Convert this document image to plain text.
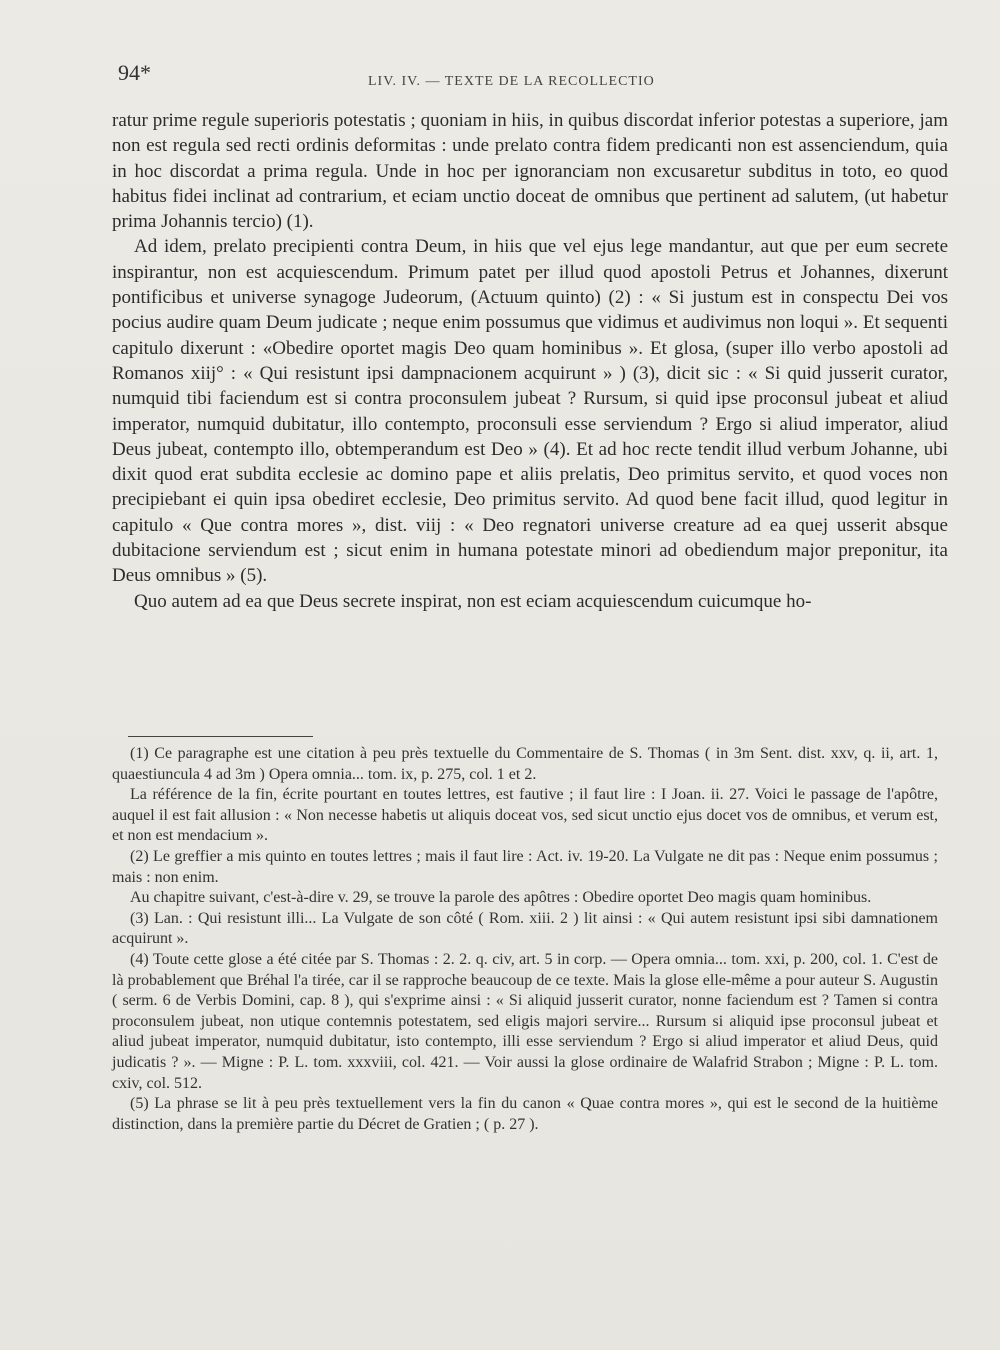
94*	LIV. IV. — TEXTE DE LA RECOLLECTIO

ratur prime regule superioris potestatis ; quoniam in hiis, in quibus discordat inferior potestas a superiore, jam non est regula sed recti ordinis deformitas : unde prelato contra fidem predicanti non est assenciendum, quia in hoc discordat a prima regula. Unde in hoc per ignoranciam non excusaretur subditus in toto, eo quod habitus fidei inclinat ad contrarium, et eciam unctio doceat de omnibus que pertinent ad salutem, (ut habetur prima Johannis tercio) (1).

Ad idem, prelato precipienti contra Deum, in hiis que vel ejus lege mandantur, aut que per eum secrete inspirantur, non est acquiescendum. Primum patet per illud quod apostoli Petrus et Johannes, dixerunt pontificibus et universe synagoge Judeorum, (Actuum quinto) (2) : « Si justum est in conspectu Dei vos pocius audire quam Deum judicate ; neque enim possumus que vidimus et audivimus non loqui ». Et sequenti capitulo dixerunt : «Obedire oportet magis Deo quam hominibus ». Et glosa, (super illo verbo apostoli ad Romanos xiij° : « Qui resistunt ipsi dampnacionem acquirunt » ) (3), dicit sic : « Si quid jusserit curator, numquid tibi faciendum est si contra proconsulem jubeat ? Rursum, si quid ipse proconsul jubeat et aliud imperator, numquid dubitatur, illo contempto, proconsuli esse serviendum ? Ergo si aliud imperator, aliud Deus jubeat, contempto illo, obtemperandum est Deo » (4). Et ad hoc recte tendit illud verbum Johanne, ubi dixit quod erat subdita ecclesie ac domino pape et aliis prelatis, Deo primitus servito, et quod voces non precipiebant ei quin ipsa obediret ecclesie, Deo primitus servito. Ad quod bene facit illud, quod legitur in capitulo « Que contra mores », dist. viij : « Deo regnatori universe creature ad ea quej usserit absque dubitacione serviendum est ; sicut enim in humana potestate minori ad obediendum major preponitur, ita Deus omnibus » (5).

Quo autem ad ea que Deus secrete inspirat, non est eciam acquiescendum cuicumque ho-

(1) Ce paragraphe est une citation à peu près textuelle du Commentaire de S. Thomas ( in 3m Sent. dist. xxv, q. ii, art. 1, quaestiuncula 4 ad 3m ) Opera omnia... tom. ix, p. 275, col. 1 et 2.

La référence de la fin, écrite pourtant en toutes lettres, est fautive ; il faut lire : I Joan. ii. 27. Voici le passage de l'apôtre, auquel il est fait allusion : « Non necesse habetis ut aliquis doceat vos, sed sicut unctio ejus docet vos de omnibus, et verum est, et non est mendacium ».

(2) Le greffier a mis quinto en toutes lettres ; mais il faut lire : Act. iv. 19-20. La Vulgate ne dit pas : Neque enim possumus ; mais : non enim.

Au chapitre suivant, c'est-à-dire v. 29, se trouve la parole des apôtres : Obedire oportet Deo magis quam hominibus.

(3) Lan. : Qui resistunt illi... La Vulgate de son côté ( Rom. xiii. 2 ) lit ainsi : « Qui autem resistunt ipsi sibi damnationem acquirunt ».

(4) Toute cette glose a été citée par S. Thomas : 2. 2. q. civ, art. 5 in corp. — Opera omnia... tom. xxi, p. 200, col. 1. C'est de là probablement que Bréhal l'a tirée, car il se rapproche beaucoup de ce texte. Mais la glose elle-même a pour auteur S. Augustin ( serm. 6 de Verbis Domini, cap. 8 ), qui s'exprime ainsi : « Si aliquid jusserit curator, nonne faciendum est ? Tamen si contra proconsulem jubeat, non utique contemnis potestatem, sed eligis majori servire... Rursum si aliquid ipse proconsul jubeat et aliud jubeat imperator, numquid dubitatur, isto contempto, illi esse serviendum ? Ergo si aliud imperator et aliud Deus, quid judicatis ? ». — Migne : P. L. tom. xxxviii, col. 421. — Voir aussi la glose ordinaire de Walafrid Strabon ; Migne : P. L. tom. cxiv, col. 512.

(5) La phrase se lit à peu près textuellement vers la fin du canon « Quae contra mores », qui est le second de la huitième distinction, dans la première partie du Décret de Gratien ; ( p. 27 ).
